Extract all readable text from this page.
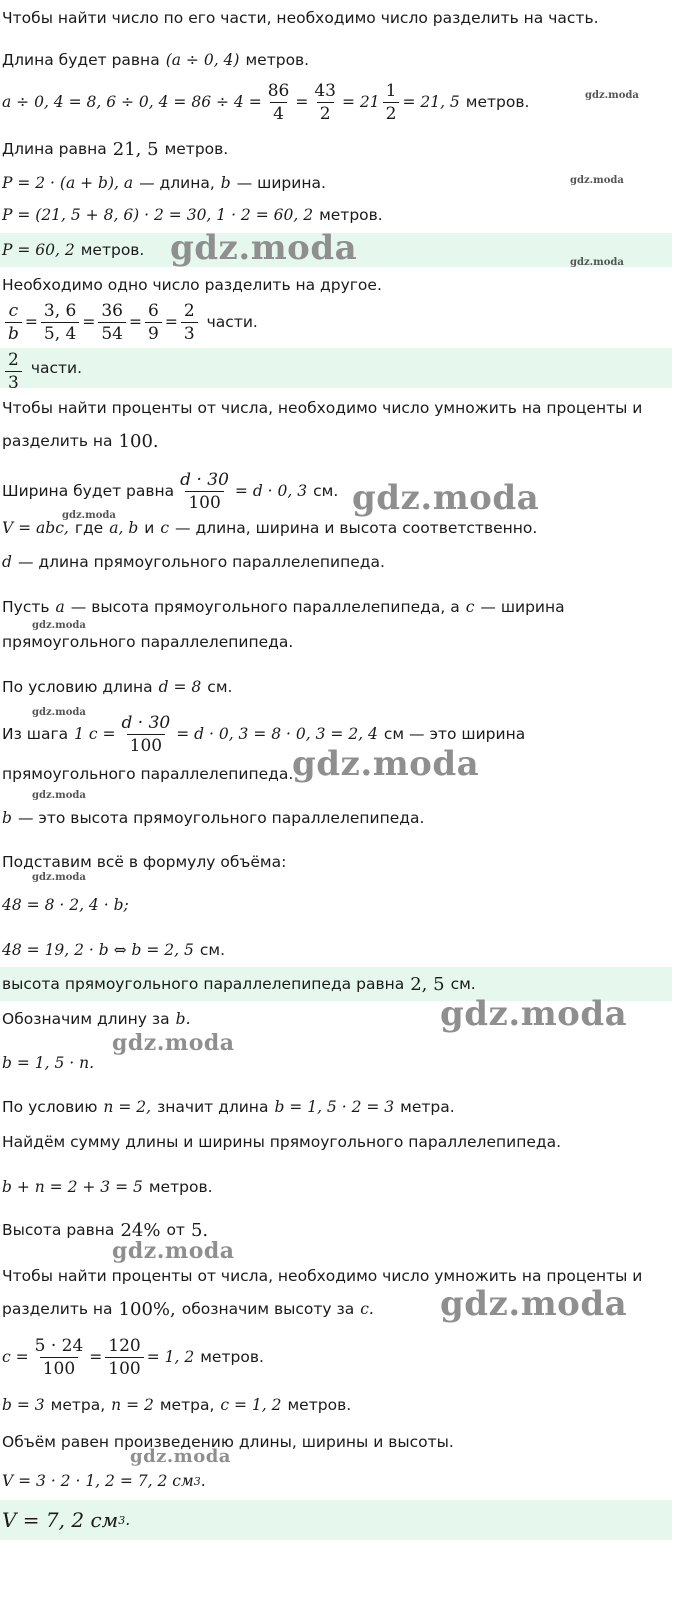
Чтобы найти число по его части, необходимо число разделить на часть.
Длина будет равна (a ÷ 0, 4) метров.
a ÷ 0, 4 = 8, 6 ÷ 0, $4 = 86 \div 4 = \frac{86}{4} = \frac{43}{2} = 21 \frac{1}{2} = 21$, 5 метров.
Длина равна 21, 5 метров.
P = 2 · (a + b), a — длина, b — ширина.
P = (21, 5 + 8, 6) · 2 = 30, 1 · 2 = 60, 2 метров.
P = 60, 2 метров.
Необходимо одно число разделить на другое.
$\frac{c}{b} = \frac{3, 6}{5, 4} = \frac{36}{54} = \frac{6}{9} = \frac{2}{3}$ части.
$\frac{2}{3}$ части.
Чтобы найти проценты от числа, необходимо число умножить на проценты и
разделить на 100.
Ширина будет равна $\frac{d \cdot 30}{100} = d \cdot 0$, 3 см.
V = abc, где a, b и c — длина, ширина и высота соответственно.
d — длина прямоугольного параллелепипеда.
Пусть a — высота прямоугольного параллелепипеда, а c — ширина
прямоугольного параллелепипеда.
По условию длина d = 8 см.
Из шага 1 $c = \frac{d \cdot 30}{100} = d \cdot 0$, 3 = 8 · 0, 3 = 2, 4 см — это ширина
прямоугольного параллелепипеда.
b — это высота прямоугольного параллелепипеда.
Подставим всё в формулу объёма:
48 = 8 · 2, 4 · b;
48 = 19, 2 · b ⇔ b = 2, 5 см.
высота прямоугольного параллелепипеда равна 2, 5 см.
Обозначим длину за b.
b = 1, 5 · n.
По условию n = 2, значит длина b = 1, 5 · 2 = 3 метра.
Найдём сумму длины и ширины прямоугольного параллелепипеда.
b + n = 2 + 3 = 5 метров.
Высота равна 24% от 5.
Чтобы найти проценты от числа, необходимо число умножить на проценты и
разделить на 100%, обозначим высоту за c.
$c = \frac{5 \cdot 24}{100} = \frac{120}{100} = 1$, 2 метров.
b = 3 метра, n = 2 метра, c = 1, 2 метров.
Объём равен произведению длины, ширины и высоты.
V = 3 · 2 · 1, 2 = 7, 2 см 3 .
V = 7, 2 см 3 .
gdz.moda
gdz.moda
gdz.moda
gdz.moda
gdz.moda
gdz.moda
gdz.moda
gdz.moda
gdz.moda
gdz.moda
gdz.moda
gdz.moda
gdz.moda
gdz.moda
gdz.moda
gdz.moda
